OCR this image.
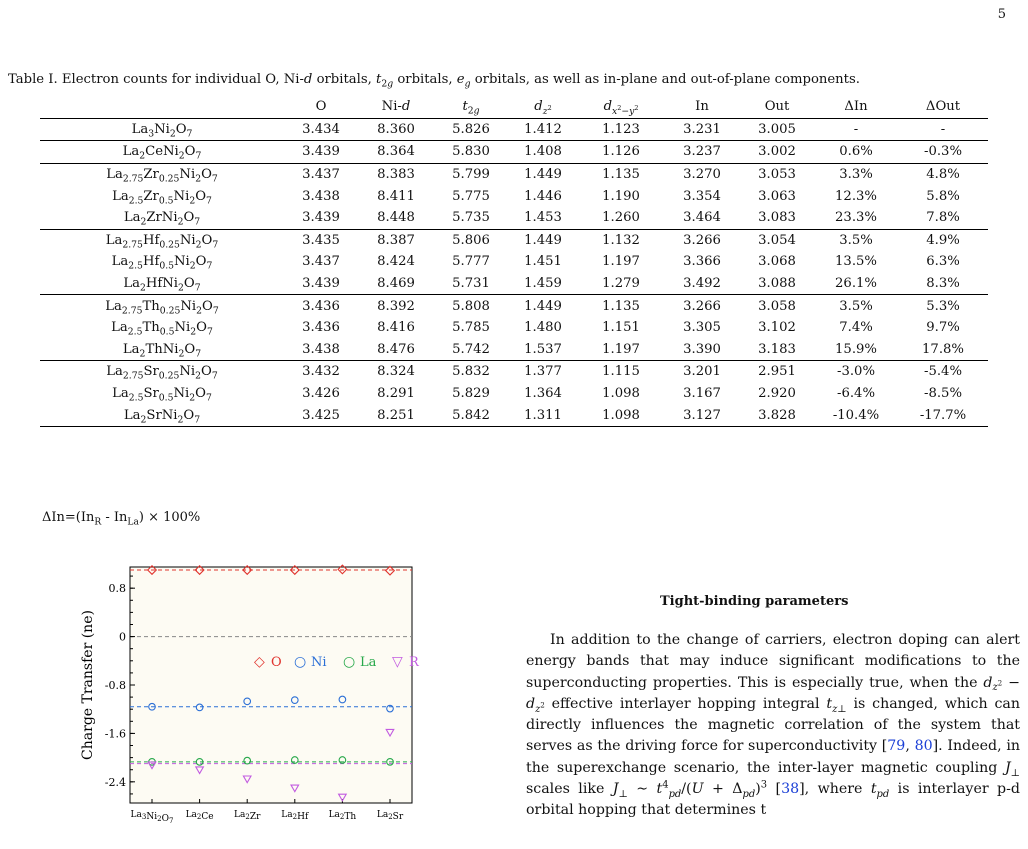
5
Table I. Electron counts for individual O, Ni-d orbitals, $t_{2g}$ orbitals, $e_g$ orbitals, as well as in-plane and out-of-plane components.
	O	Ni-d	$t_{2g}$	$d_{z^2}$	$d_{x^2-y^2}$	In	Out	ΔIn	ΔOut
$La_3Ni_2O_7$	3.434	8.360	5.826	1.412	1.123	3.231	3.005	-	-
$La_2CeNi_2O_7$	3.439	8.364	5.830	1.408	1.126	3.237	3.002	0.6%	-0.3%
$La_{2.75}Zr_{0.25}Ni_2O_7$	3.437	8.383	5.799	1.449	1.135	3.270	3.053	3.3%	4.8%
$La_{2.5}Zr_{0.5}Ni_2O_7$	3.438	8.411	5.775	1.446	1.190	3.354	3.063	12.3%	5.8%
$La_2ZrNi_2O_7$	3.439	8.448	5.735	1.453	1.260	3.464	3.083	23.3%	7.8%
$La_{2.75}Hf_{0.25}Ni_2O_7$	3.435	8.387	5.806	1.449	1.132	3.266	3.054	3.5%	4.9%
$La_{2.5}Hf_{0.5}Ni_2O_7$	3.437	8.424	5.777	1.451	1.197	3.366	3.068	13.5%	6.3%
$La_2HfNi_2O_7$	3.439	8.469	5.731	1.459	1.279	3.492	3.088	26.1%	8.3%
$La_{2.75}Th_{0.25}Ni_2O_7$	3.436	8.392	5.808	1.449	1.135	3.266	3.058	3.5%	5.3%
$La_{2.5}Th_{0.5}Ni_2O_7$	3.436	8.416	5.785	1.480	1.151	3.305	3.102	7.4%	9.7%
$La_2ThNi_2O_7$	3.438	8.476	5.742	1.537	1.197	3.390	3.183	15.9%	17.8%
$La_{2.75}Sr_{0.25}Ni_2O_7$	3.432	8.324	5.832	1.377	1.115	3.201	2.951	-3.0%	-5.4%
$La_{2.5}Sr_{0.5}Ni_2O_7$	3.426	8.291	5.829	1.364	1.098	3.167	2.920	-6.4%	-8.5%
$La_2SrNi_2O_7$	3.425	8.251	5.842	1.311	1.098	3.127	3.828	-10.4%	-17.7%
$\Delta In=(In_R - In_{La}) \times 100\%$
0.8
0
-0.8
-1.6
-2.4
$La_3Ni_2O_7$
$La_2Ce$ $La_2Zr$ $La_2Hf$ $La_2Th$ $La_2Sr$
Charge Transfer (ne)	◇ O ○ Ni ○ La ▽ R
Tight-binding parameters
In addition to the change of carriers, electron doping can alert energy bands that may induce significant modifications to the superconducting properties. This is especially true, when the $d_{z^2} - d_{z^2}$ effective interlayer hopping integral $t_{z\perp}$ is changed, which can directly influences the magnetic correlation of the system that serves as the driving force for superconductivity [79, 80]. Indeed, in the superexchange scenario, the inter-layer magnetic coupling $J_\perp$ scales like $J_\perp$ ∼ $t^4_{pd}/(U + \Delta_{pd})^3$ [38], where $t_{pd}$ is interlayer p-d orbital hopping that determines t
